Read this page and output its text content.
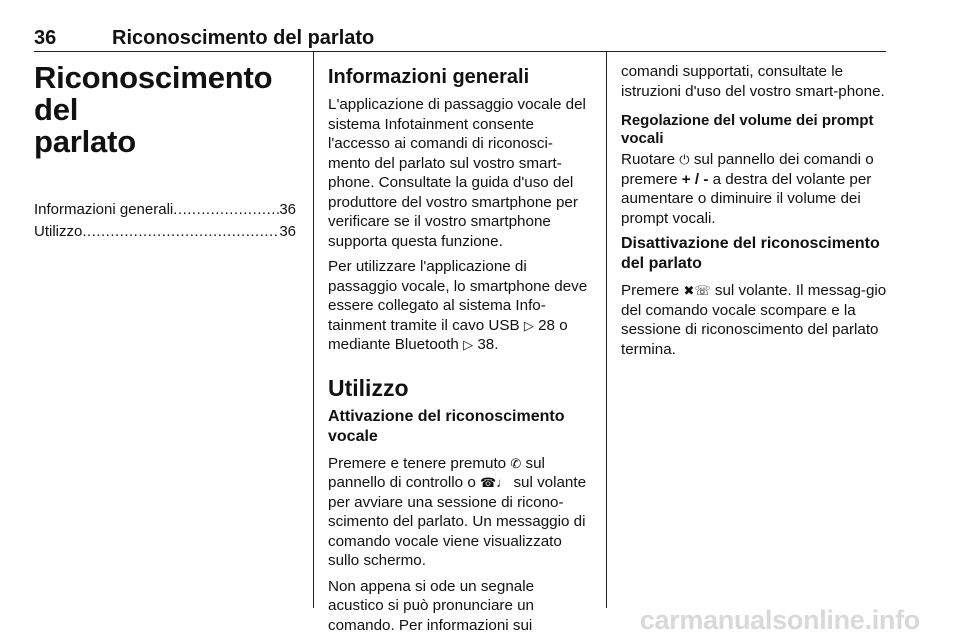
36	Riconoscimento del parlato
Riconoscimento del
parlato
Informazioni generali .....	36
Utilizzo .....	36
Informazioni generali

L'applicazione di passaggio vocale del sistema Infotainment consente l'accesso ai comandi di riconosci-mento del parlato sul vostro smart-phone. Consultate la guida d'uso del produttore del vostro smartphone per verificare se il vostro smartphone supporta questa funzione.

Per utilizzare l'applicazione di passaggio vocale, lo smartphone deve essere collegato al sistema Info-tainment tramite il cavo USB ▷ 28 o mediante Bluetooth ▷ 38.

Utilizzo
Attivazione del riconoscimento vocale

Premere e tenere premuto ✆ sul pannello di controllo o ☎​♩ sul volante per avviare una sessione di ricono-scimento del parlato. Un messaggio di comando vocale viene visualizzato sullo schermo.

Non appena si ode un segnale acustico si può pronunciare un comando. Per informazioni sui

comandi supportati, consultate le istruzioni d'uso del vostro smart-phone.

Regolazione del volume dei prompt vocali

Ruotare ⏻ sul pannello dei comandi o premere + / - a destra del volante per aumentare o diminuire il volume dei prompt vocali.

Disattivazione del riconoscimento del parlato

Premere ✖☏ sul volante. Il messag-gio del comando vocale scompare e la sessione di riconoscimento del parlato termina.

carmanualsonline.info
